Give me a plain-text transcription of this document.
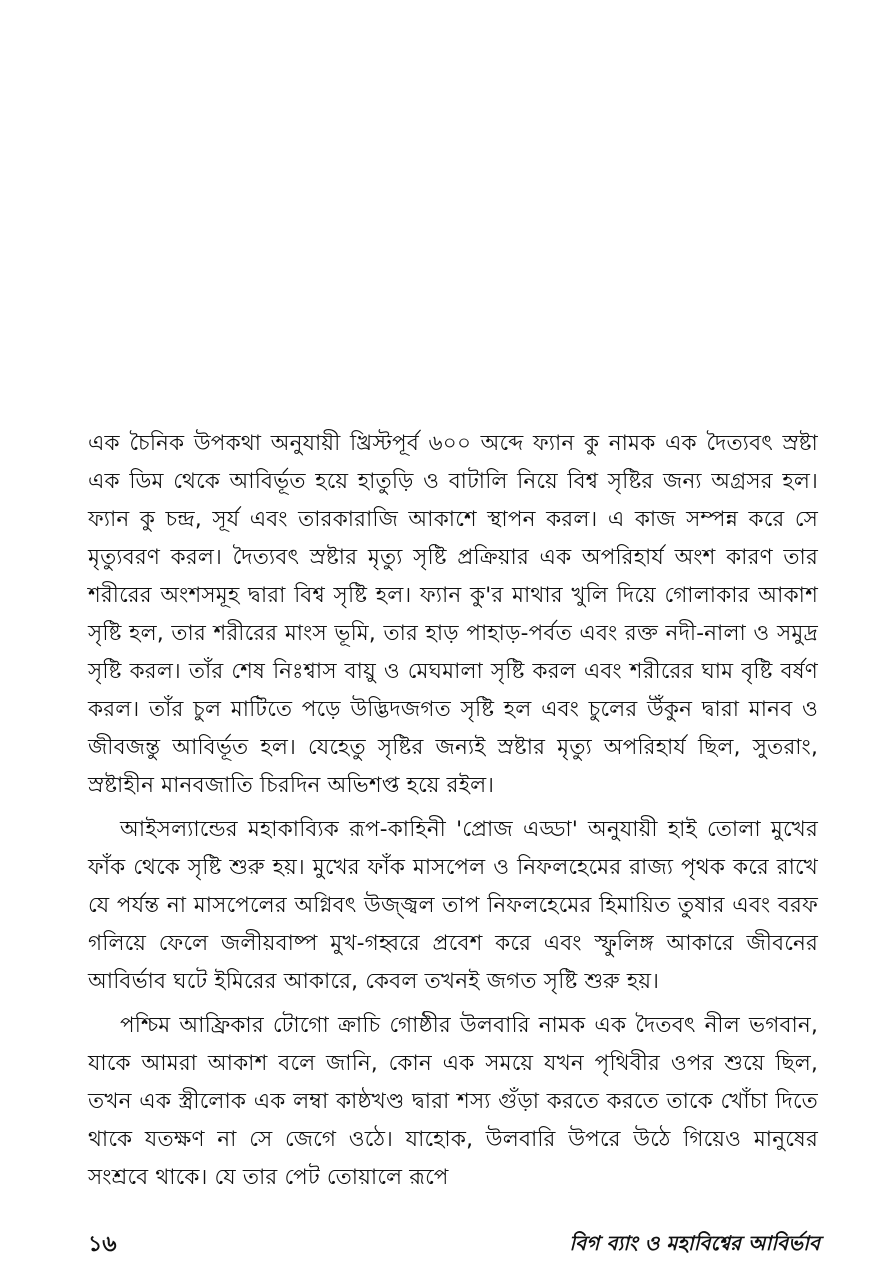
এক চৈনিক উপকথা অনুযায়ী খ্রিস্টপূর্ব ৬০০ অব্দে ফ্যান কু নামক এক দৈত্যবৎ স্রষ্টা এক ডিম থেকে আবির্ভূত হয়ে হাতুড়ি ও বাটালি নিয়ে বিশ্ব সৃষ্টির জন্য অগ্রসর হল। ফ্যান কু চন্দ্র, সূর্য এবং তারকারাজি আকাশে স্থাপন করল। এ কাজ সম্পন্ন করে সে মৃত্যুবরণ করল। দৈত্যবৎ স্রষ্টার মৃত্যু সৃষ্টি প্রক্রিয়ার এক অপরিহার্য অংশ কারণ তার শরীরের অংশসমূহ দ্বারা বিশ্ব সৃষ্টি হল। ফ্যান কু'র মাথার খুলি দিয়ে গোলাকার আকাশ সৃষ্টি হল, তার শরীরের মাংস ভূমি, তার হাড় পাহাড়-পর্বত এবং রক্ত নদী-নালা ও সমুদ্র সৃষ্টি করল। তাঁর শেষ নিঃশ্বাস বায়ু ও মেঘমালা সৃষ্টি করল এবং শরীরের ঘাম বৃষ্টি বর্ষণ করল। তাঁর চুল মাটিতে পড়ে উদ্ভিদজগত সৃষ্টি হল এবং চুলের উঁকুন দ্বারা মানব ও জীবজন্তু আবির্ভূত হল। যেহেতু সৃষ্টির জন্যই স্রষ্টার মৃত্যু অপরিহার্য ছিল, সুতরাং, স্রষ্টাহীন মানবজাতি চিরদিন অভিশপ্ত হয়ে রইল।

আইসল্যান্ডের মহাকাব্যিক রূপ-কাহিনী 'প্রোজ এড্ডা' অনুযায়ী হাই তোলা মুখের ফাঁক থেকে সৃষ্টি শুরু হয়। মুখের ফাঁক মাসপেল ও নিফলহেমের রাজ্য পৃথক করে রাখে যে পর্যন্ত না মাসপেলের অগ্নিবৎ উজ্জ্বল তাপ নিফলহেমের হিমায়িত তুষার এবং বরফ গলিয়ে ফেলে জলীয়বাষ্প মুখ-গহ্বরে প্রবেশ করে এবং স্ফুলিঙ্গ আকারে জীবনের আবির্ভাব ঘটে ইমিরের আকারে, কেবল তখনই জগত সৃষ্টি শুরু হয়।

পশ্চিম আফ্রিকার টোগো ক্রাচি গোষ্ঠীর উলবারি নামক এক দৈতবৎ নীল ভগবান, যাকে আমরা আকাশ বলে জানি, কোন এক সময়ে যখন পৃথিবীর ওপর শুয়ে ছিল, তখন এক স্ত্রীলোক এক লম্বা কাষ্ঠখণ্ড দ্বারা শস্য গুঁড়া করতে করতে তাকে খোঁচা দিতে থাকে যতক্ষণ না সে জেগে ওঠে। যাহোক, উলবারি উপরে উঠে গিয়েও মানুষের সংশ্রবে থাকে। যে তার পেট তোয়ালে রূপে

১৬	বিগ ব্যাং ও মহাবিশ্বের আবির্ভাব
